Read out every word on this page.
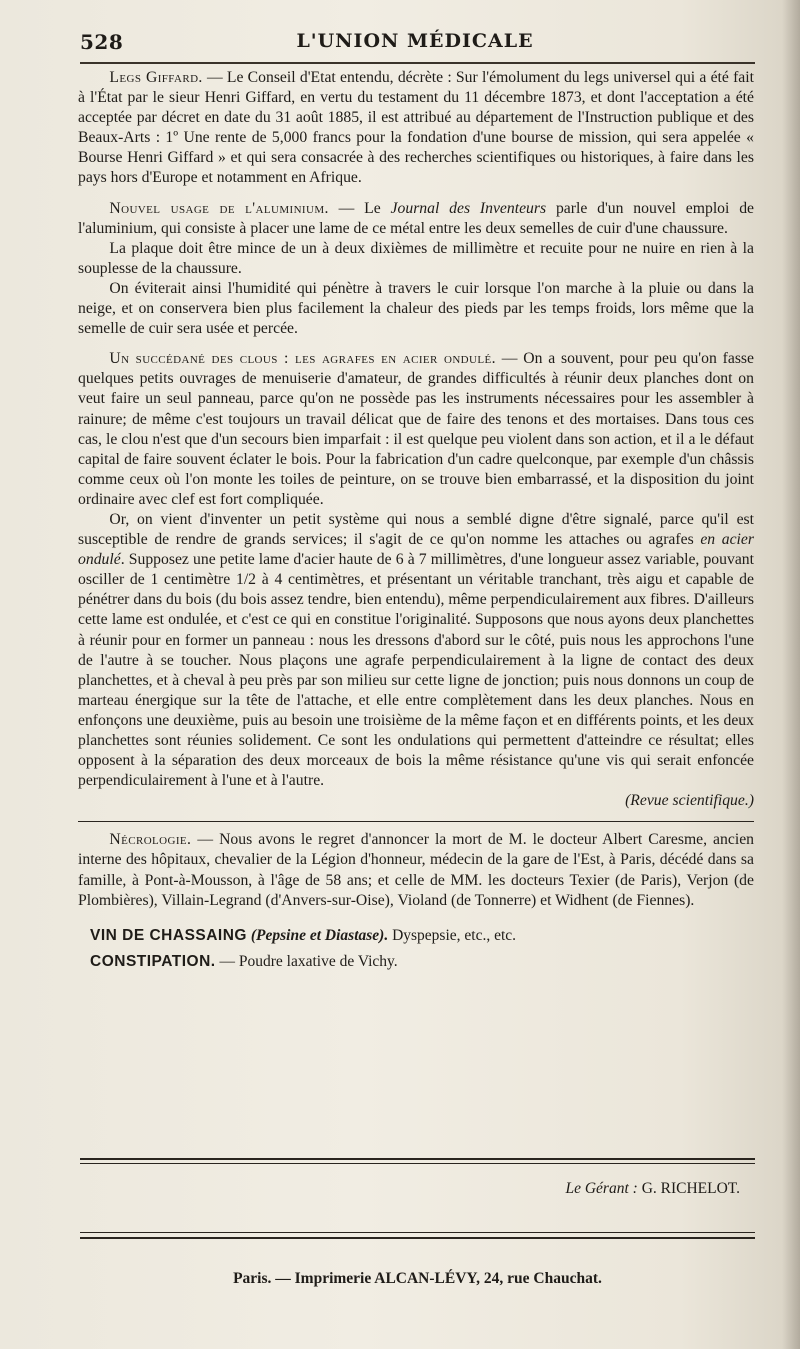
528	L'UNION MÉDICALE

Legs Giffard. — Le Conseil d'Etat entendu, décrète : Sur l'émolument du legs universel qui a été fait à l'État par le sieur Henri Giffard, en vertu du testament du 11 décembre 1873, et dont l'acceptation a été acceptée par décret en date du 31 août 1885, il est attribué au département de l'Instruction publique et des Beaux-Arts : 1º Une rente de 5,000 francs pour la fondation d'une bourse de mission, qui sera appelée « Bourse Henri Giffard » et qui sera consacrée à des recherches scientifiques ou historiques, à faire dans les pays hors d'Europe et notamment en Afrique.

Nouvel usage de l'aluminium. — Le Journal des Inventeurs parle d'un nouvel emploi de l'aluminium, qui consiste à placer une lame de ce métal entre les deux semelles de cuir d'une chaussure.

La plaque doit être mince de un à deux dixièmes de millimètre et recuite pour ne nuire en rien à la souplesse de la chaussure.

On éviterait ainsi l'humidité qui pénètre à travers le cuir lorsque l'on marche à la pluie ou dans la neige, et on conservera bien plus facilement la chaleur des pieds par les temps froids, lors même que la semelle de cuir sera usée et percée.

Un succédané des clous : les agrafes en acier ondulé. — On a souvent, pour peu qu'on fasse quelques petits ouvrages de menuiserie d'amateur, de grandes difficultés à réunir deux planches dont on veut faire un seul panneau, parce qu'on ne possède pas les instruments nécessaires pour les assembler à rainure; de même c'est toujours un travail délicat que de faire des tenons et des mortaises. Dans tous ces cas, le clou n'est que d'un secours bien imparfait : il est quelque peu violent dans son action, et il a le défaut capital de faire souvent éclater le bois. Pour la fabrication d'un cadre quelconque, par exemple d'un châssis comme ceux où l'on monte les toiles de peinture, on se trouve bien embarrassé, et la disposition du joint ordinaire avec clef est fort compliquée.

Or, on vient d'inventer un petit système qui nous a semblé digne d'être signalé, parce qu'il est susceptible de rendre de grands services; il s'agit de ce qu'on nomme les attaches ou agrafes en acier ondulé. Supposez une petite lame d'acier haute de 6 à 7 millimètres, d'une longueur assez variable, pouvant osciller de 1 centimètre 1/2 à 4 centimètres, et présentant un véritable tranchant, très aigu et capable de pénétrer dans du bois (du bois assez tendre, bien entendu), même perpendiculairement aux fibres. D'ailleurs cette lame est ondulée, et c'est ce qui en constitue l'originalité. Supposons que nous ayons deux planchettes à réunir pour en former un panneau : nous les dressons d'abord sur le côté, puis nous les approchons l'une de l'autre à se toucher. Nous plaçons une agrafe perpendiculairement à la ligne de contact des deux planchettes, et à cheval à peu près par son milieu sur cette ligne de jonction; puis nous donnons un coup de marteau énergique sur la tête de l'attache, et elle entre complètement dans les deux planches. Nous en enfonçons une deuxième, puis au besoin une troisième de la même façon et en différents points, et les deux planchettes sont réunies solidement. Ce sont les ondulations qui permettent d'atteindre ce résultat; elles opposent à la séparation des deux morceaux de bois la même résistance qu'une vis qui serait enfoncée perpendiculairement à l'une et à l'autre.

(Revue scientifique.)

Nécrologie. — Nous avons le regret d'annoncer la mort de M. le docteur Albert Caresme, ancien interne des hôpitaux, chevalier de la Légion d'honneur, médecin de la gare de l'Est, à Paris, décédé dans sa famille, à Pont-à-Mousson, à l'âge de 58 ans; et celle de MM. les docteurs Texier (de Paris), Verjon (de Plombières), Villain-Legrand (d'Anvers-sur-Oise), Violand (de Tonnerre) et Widhent (de Fiennes).

VIN DE CHASSAING (Pepsine et Diastase). Dyspepsie, etc., etc.
CONSTIPATION. — Poudre laxative de Vichy.
Le Gérant : G. RICHELOT.
Paris. — Imprimerie ALCAN-LÉVY, 24, rue Chauchat.
